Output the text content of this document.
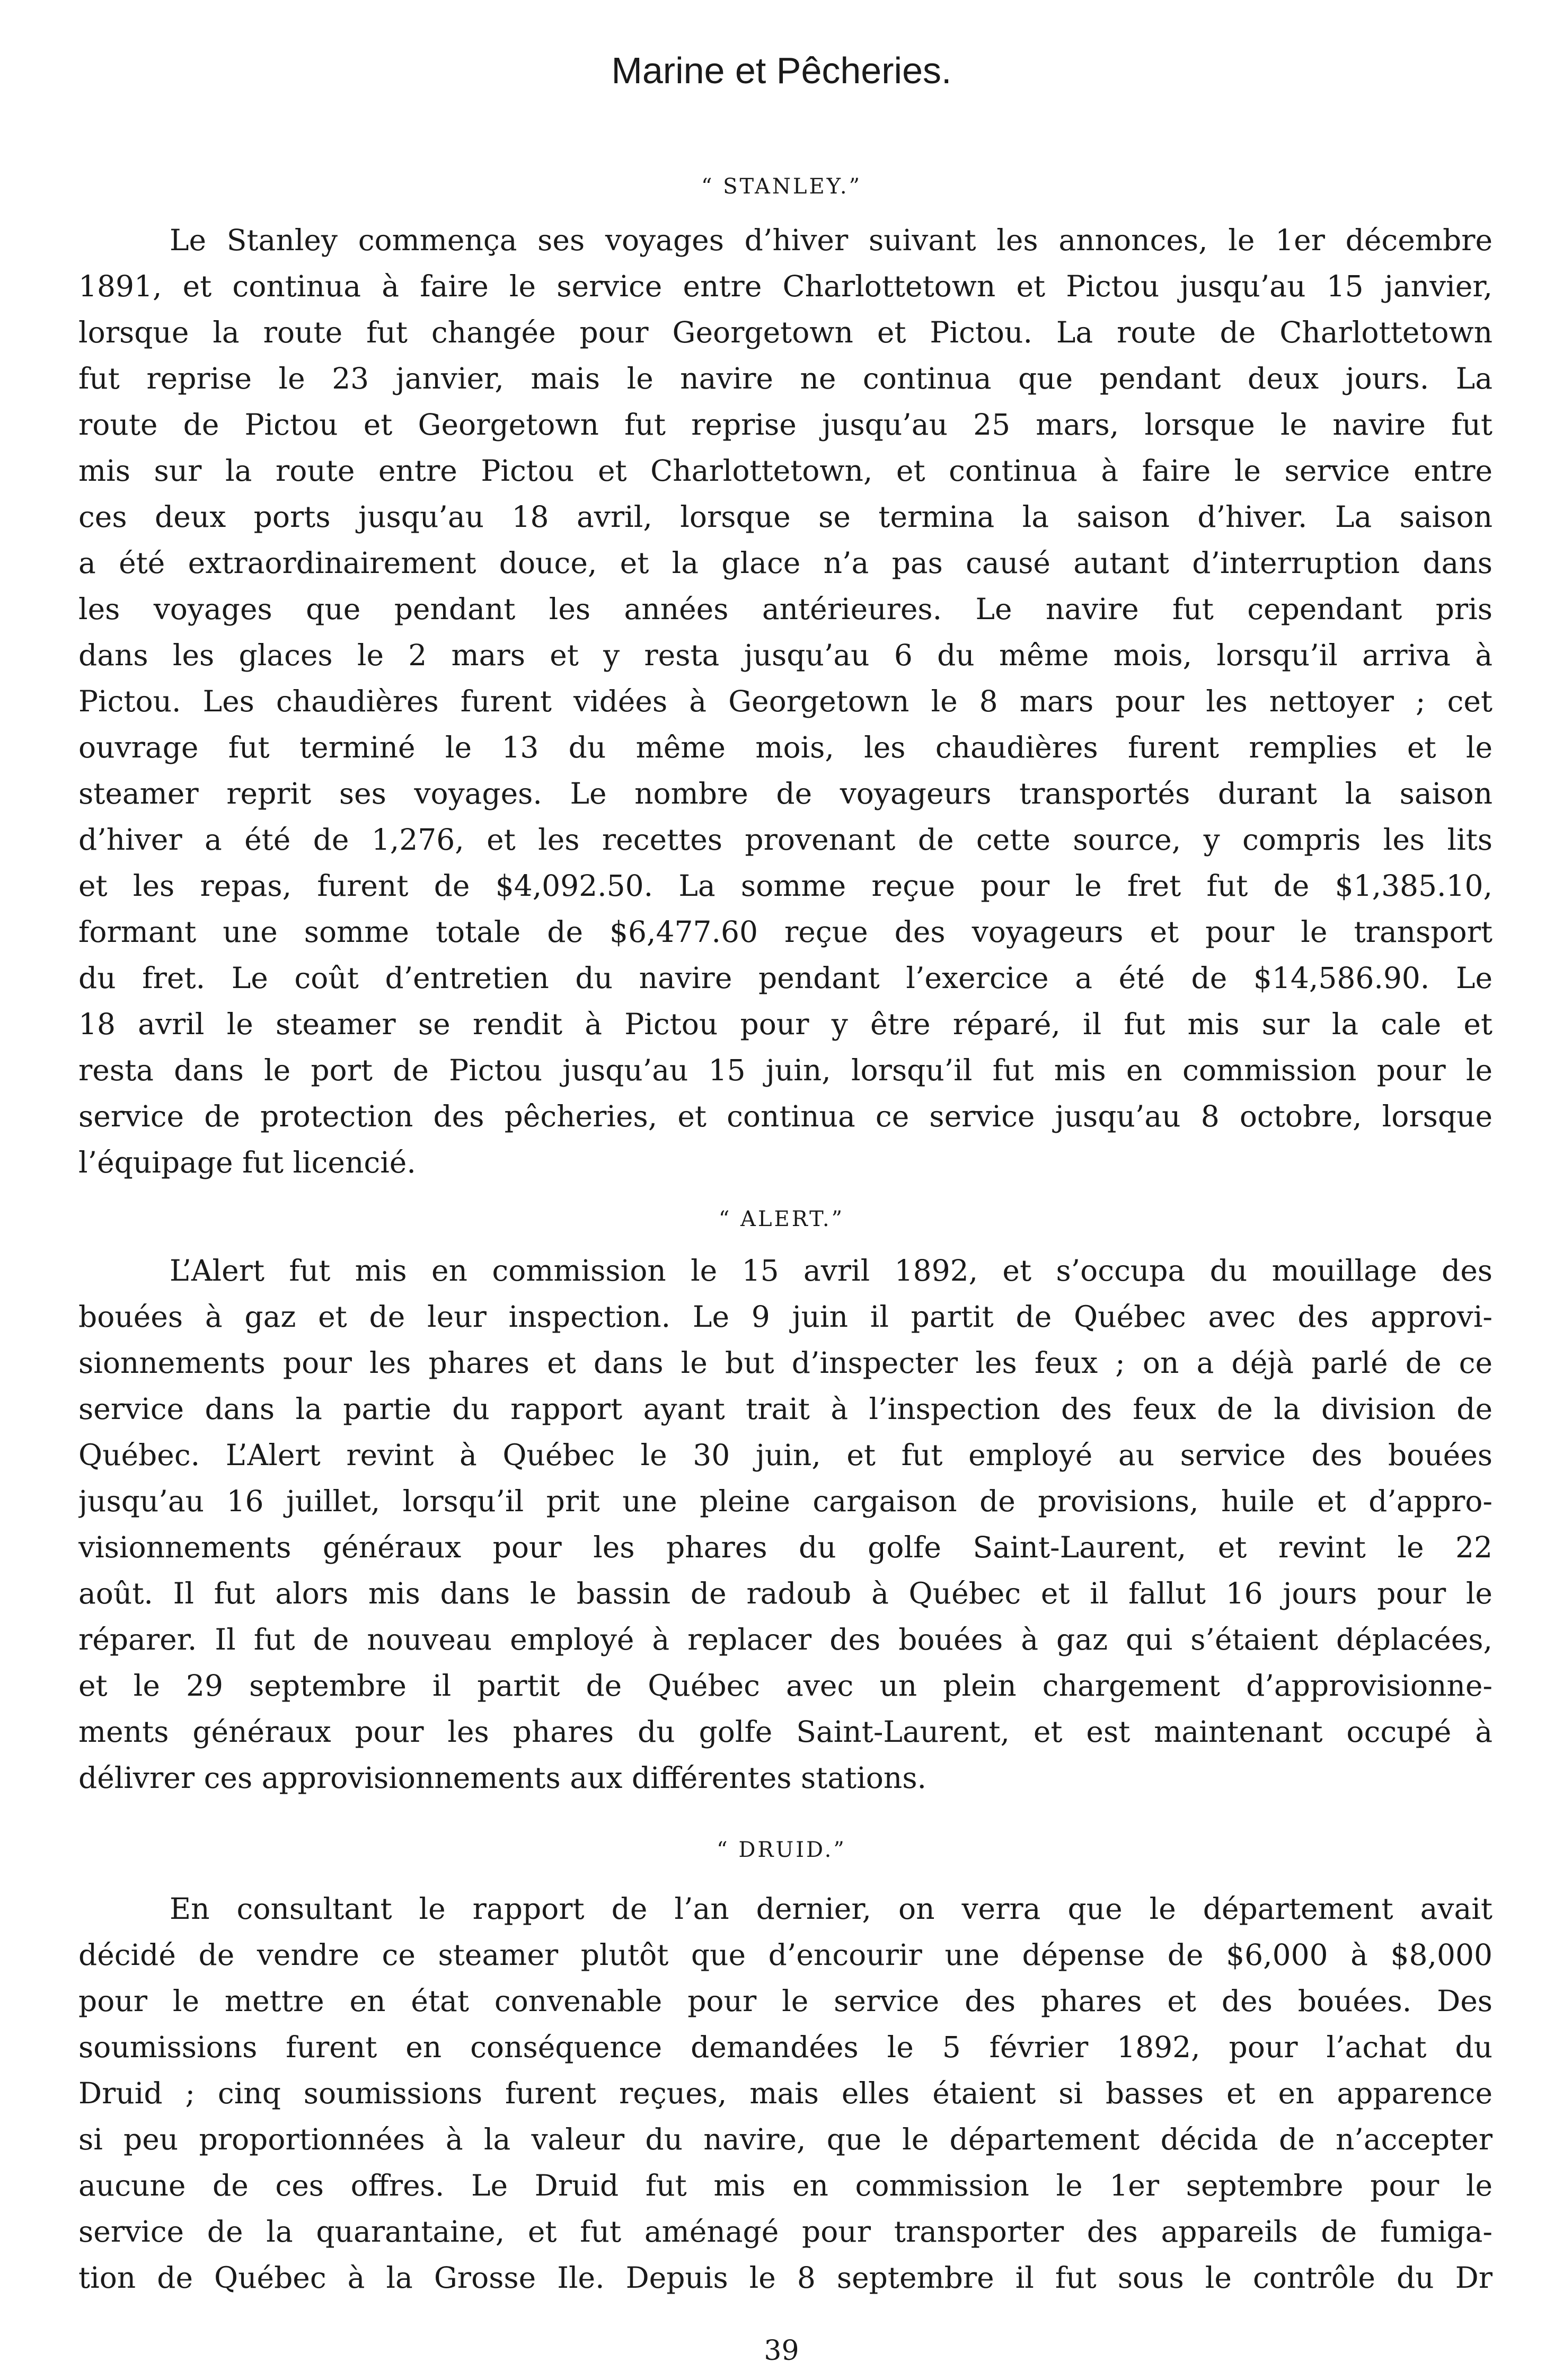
Marine et Pêcheries.
“ STANLEY.”
Le Stanley commença ses voyages d’hiver suivant les annonces, le 1er décembre
1891, et continua à faire le service entre Charlottetown et Pictou jusqu’au 15 janvier,
lorsque la route fut changée pour Georgetown et Pictou. La route de Charlottetown
fut reprise le 23 janvier, mais le navire ne continua que pendant deux jours. La
route de Pictou et Georgetown fut reprise jusqu’au 25 mars, lorsque le navire fut
mis sur la route entre Pictou et Charlottetown, et continua à faire le service entre
ces deux ports jusqu’au 18 avril, lorsque se termina la saison d’hiver. La saison
a été extraordinairement douce, et la glace n’a pas causé autant d’interruption dans
les voyages que pendant les années antérieures. Le navire fut cependant pris
dans les glaces le 2 mars et y resta jusqu’au 6 du même mois, lorsqu’il arriva à
Pictou. Les chaudières furent vidées à Georgetown le 8 mars pour les nettoyer ; cet
ouvrage fut terminé le 13 du même mois, les chaudières furent remplies et le
steamer reprit ses voyages. Le nombre de voyageurs transportés durant la saison
d’hiver a été de 1,276, et les recettes provenant de cette source, y compris les lits
et les repas, furent de $4,092.50. La somme reçue pour le fret fut de $1,385.10,
formant une somme totale de $6,477.60 reçue des voyageurs et pour le transport
du fret. Le coût d’entretien du navire pendant l’exercice a été de $14,586.90. Le
18 avril le steamer se rendit à Pictou pour y être réparé, il fut mis sur la cale et
resta dans le port de Pictou jusqu’au 15 juin, lorsqu’il fut mis en commission pour le
service de protection des pêcheries, et continua ce service jusqu’au 8 octobre, lorsque
l’équipage fut licencié.
“ ALERT.”
L’Alert fut mis en commission le 15 avril 1892, et s’occupa du mouillage des
bouées à gaz et de leur inspection. Le 9 juin il partit de Québec avec des approvi-
sionnements pour les phares et dans le but d’inspecter les feux ; on a déjà parlé de ce
service dans la partie du rapport ayant trait à l’inspection des feux de la division de
Québec. L’Alert revint à Québec le 30 juin, et fut employé au service des bouées
jusqu’au 16 juillet, lorsqu’il prit une pleine cargaison de provisions, huile et d’appro-
visionnements généraux pour les phares du golfe Saint-Laurent, et revint le 22
août. Il fut alors mis dans le bassin de radoub à Québec et il fallut 16 jours pour le
réparer. Il fut de nouveau employé à replacer des bouées à gaz qui s’étaient déplacées,
et le 29 septembre il partit de Québec avec un plein chargement d’approvisionne-
ments généraux pour les phares du golfe Saint-Laurent, et est maintenant occupé à
délivrer ces approvisionnements aux différentes stations.
“ DRUID.”
En consultant le rapport de l’an dernier, on verra que le département avait
décidé de vendre ce steamer plutôt que d’encourir une dépense de $6,000 à $8,000
pour le mettre en état convenable pour le service des phares et des bouées. Des
soumissions furent en conséquence demandées le 5 février 1892, pour l’achat du
Druid ; cinq soumissions furent reçues, mais elles étaient si basses et en apparence
si peu proportionnées à la valeur du navire, que le département décida de n’accepter
aucune de ces offres. Le Druid fut mis en commission le 1er septembre pour le
service de la quarantaine, et fut aménagé pour transporter des appareils de fumiga-
tion de Québec à la Grosse Ile. Depuis le 8 septembre il fut sous le contrôle du Dr
39
